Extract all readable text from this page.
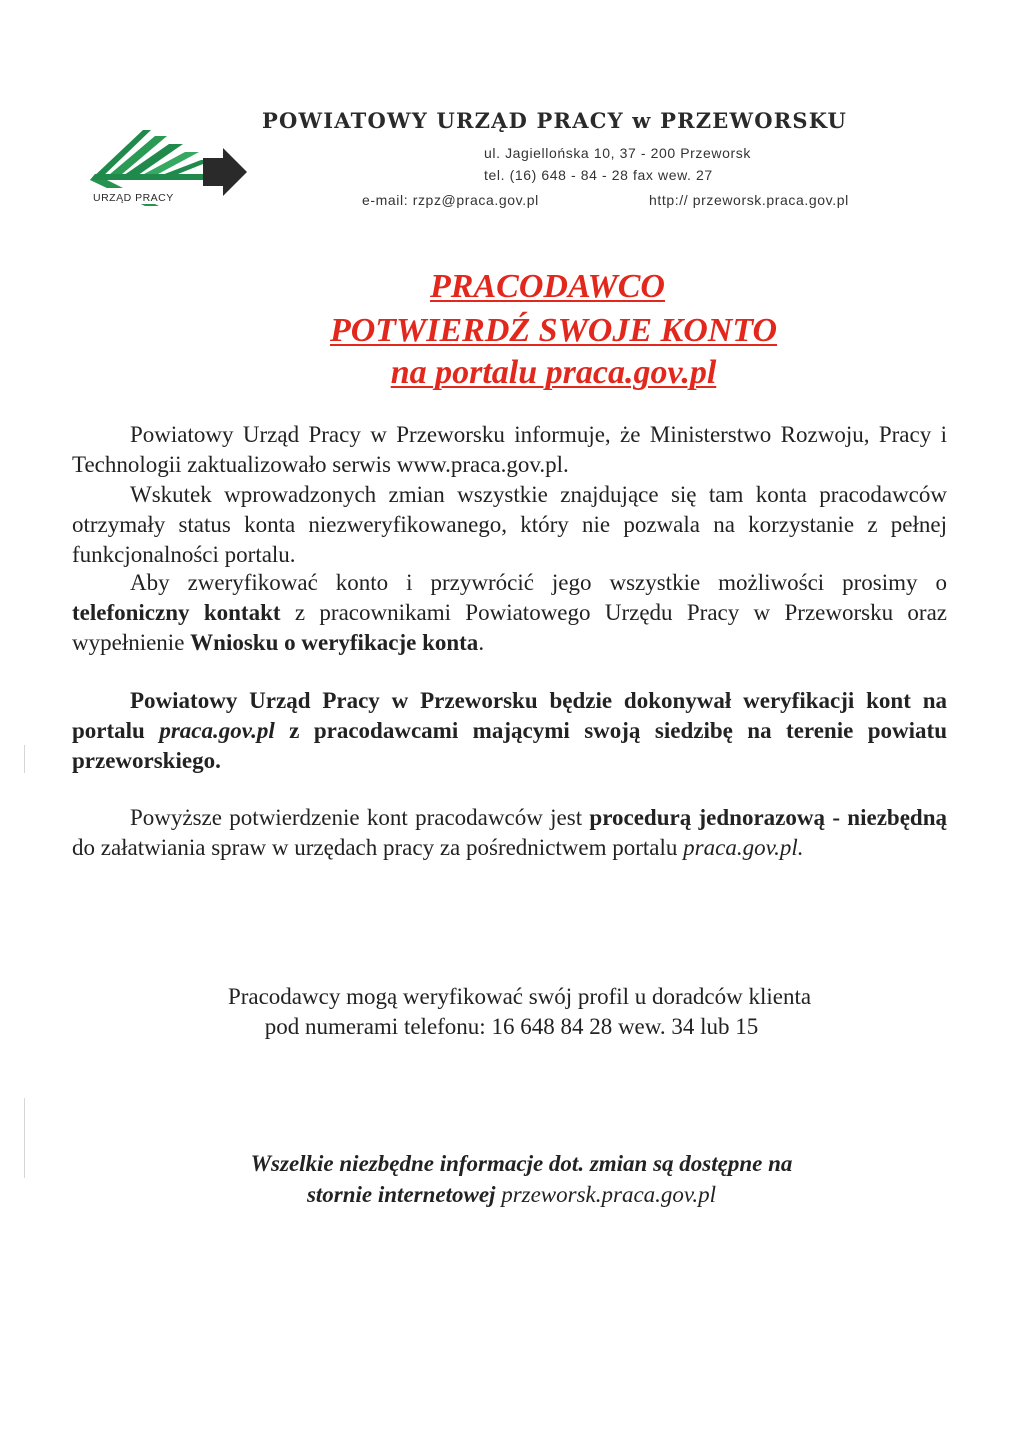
URZĄD PRACY
POWIATOWY URZĄD PRACY w PRZEWORSKU
ul. Jagiellońska 10, 37 - 200 Przeworsk
tel. (16) 648 - 84 - 28 fax wew. 27
e-mail: rzpz@praca.gov.pl	http:// przeworsk.praca.gov.pl
PRACODAWCO
POTWIERDŹ SWOJE KONTO
na portalu praca.gov.pl
Powiatowy Urząd Pracy w Przeworsku informuje, że Ministerstwo Rozwoju, Pracy i Technologii zaktualizowało serwis www.praca.gov.pl.
Wskutek wprowadzonych zmian wszystkie znajdujące się tam konta pracodawców otrzymały status konta niezweryfikowanego, który nie pozwala na korzystanie z pełnej funkcjonalności portalu.
Aby zweryfikować konto i przywrócić jego wszystkie możliwości prosimy o telefoniczny kontakt z pracownikami Powiatowego Urzędu Pracy w Przeworsku oraz wypełnienie Wniosku o weryfikacje konta.
Powiatowy Urząd Pracy w Przeworsku będzie dokonywał weryfikacji kont na portalu praca.gov.pl z pracodawcami mającymi swoją siedzibę na terenie powiatu przeworskiego.
Powyższe potwierdzenie kont pracodawców jest procedurą jednorazową - niezbędną do załatwiania spraw w urzędach pracy za pośrednictwem portalu praca.gov.pl.
Pracodawcy mogą weryfikować swój profil u doradców klienta
pod numerami telefonu: 16 648 84 28 wew. 34 lub 15
Wszelkie niezbędne informacje dot. zmian są dostępne na
stornie internetowej przeworsk.praca.gov.pl
